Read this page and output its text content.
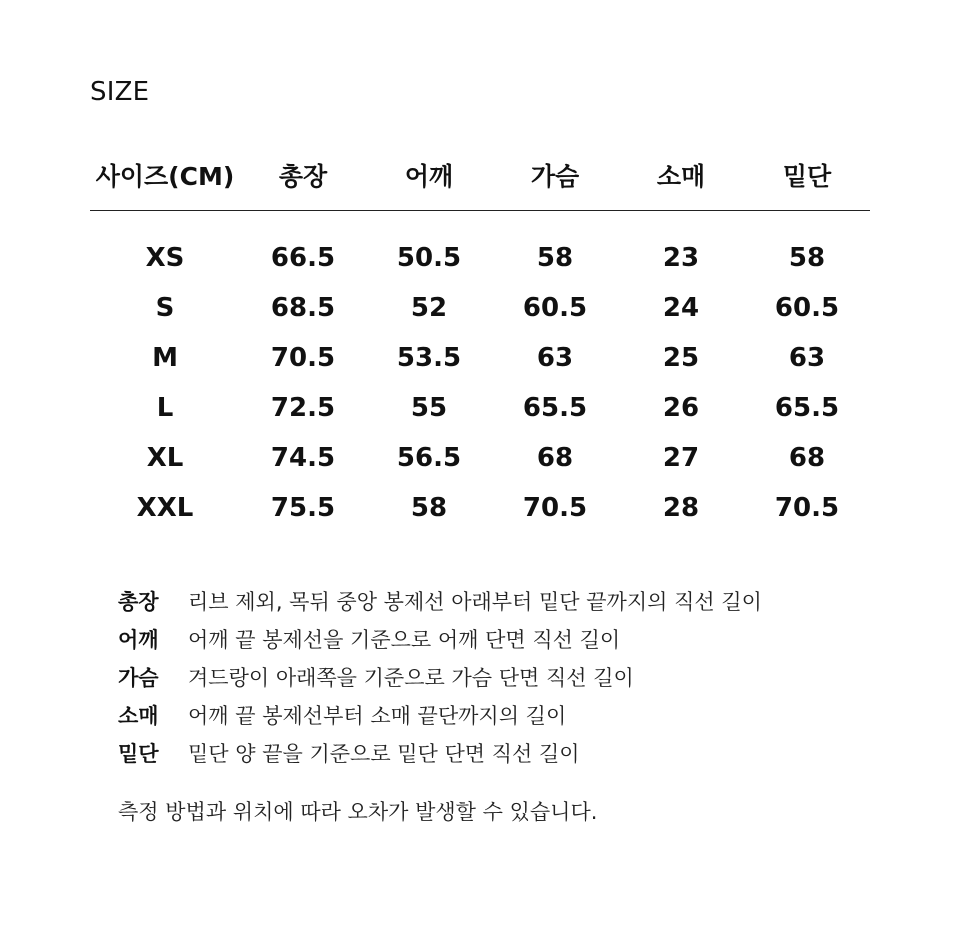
SIZE
사이즈(CM)	총장	어깨	가슴	소매	밑단

XS	66.5	50.5	58	23	58
S	68.5	52	60.5	24	60.5
M	70.5	53.5	63	25	63
L	72.5	55	65.5	26	65.5
XL	74.5	56.5	68	27	68
XXL	75.5	58	70.5	28	70.5
총장	리브 제외, 목뒤 중앙 봉제선 아래부터 밑단 끝까지의 직선 길이
어깨	어깨 끝 봉제선을 기준으로 어깨 단면 직선 길이
가슴	겨드랑이 아래쪽을 기준으로 가슴 단면 직선 길이
소매	어깨 끝 봉제선부터 소매 끝단까지의 길이
밑단	밑단 양 끝을 기준으로 밑단 단면 직선 길이
측정 방법과 위치에 따라 오차가 발생할 수 있습니다.
